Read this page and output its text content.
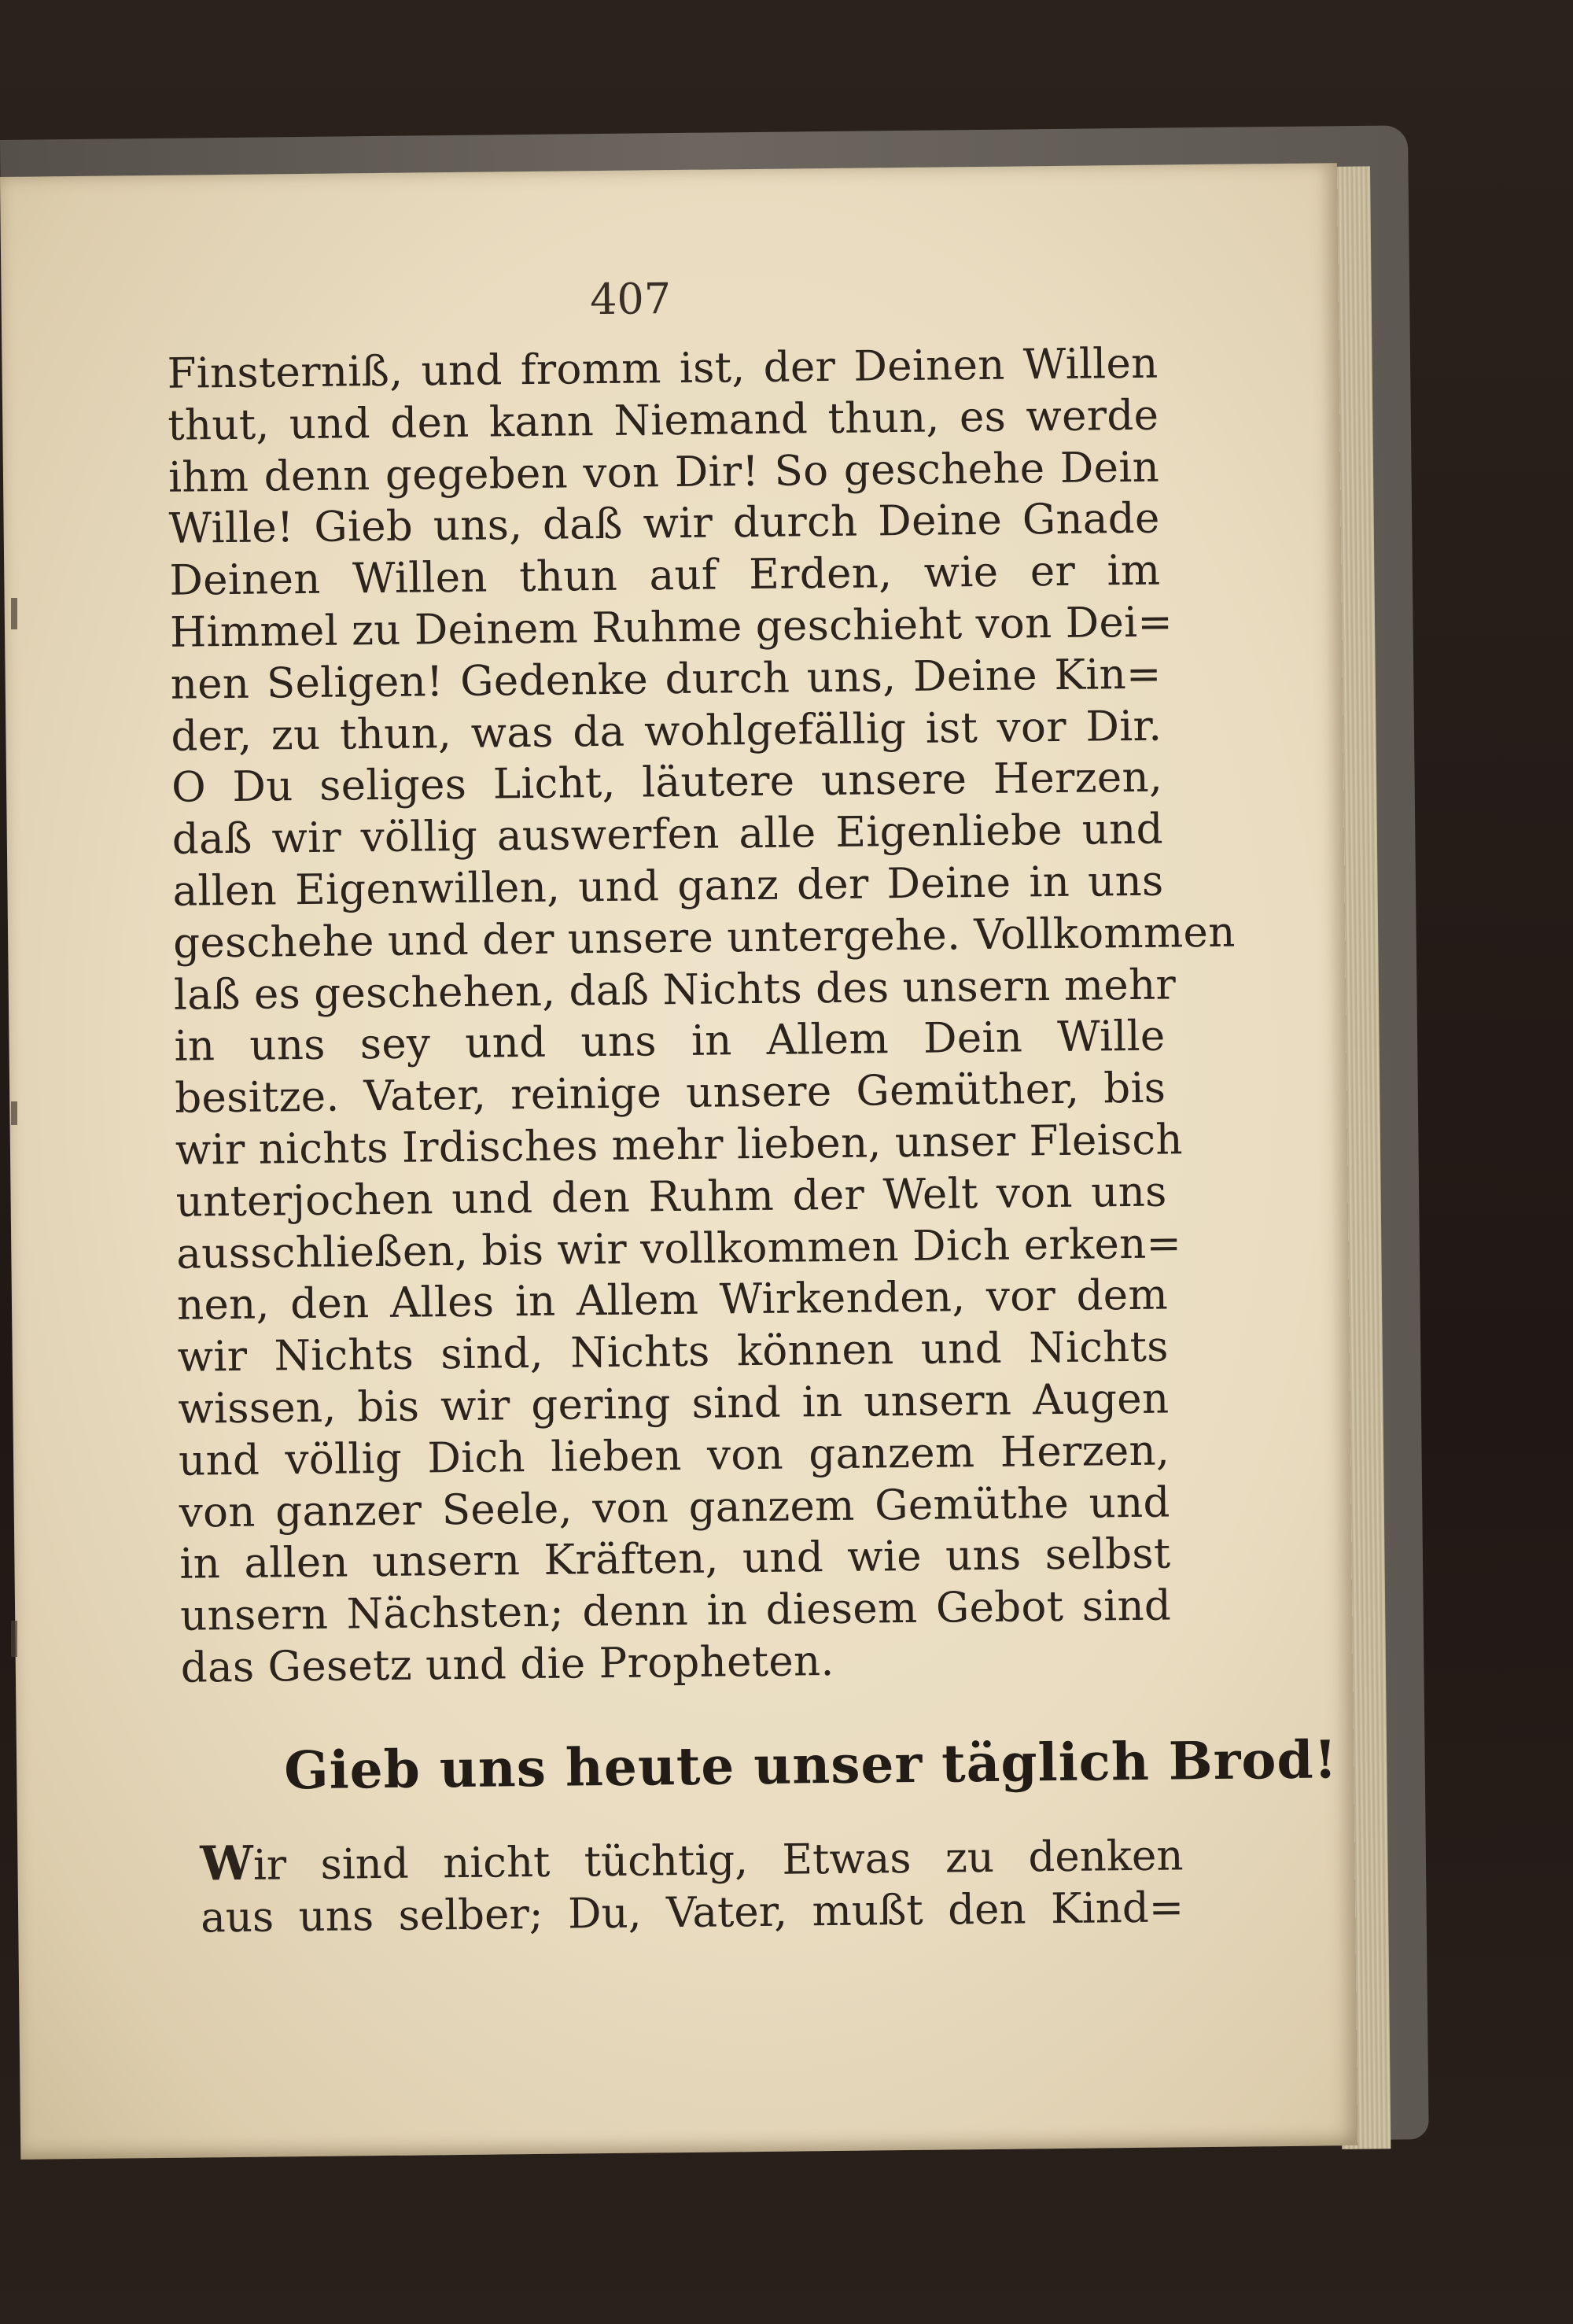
407
Finsterniß, und fromm ist, der Deinen Willen
thut, und den kann Niemand thun, es werde
ihm denn gegeben von Dir! So geschehe Dein
Wille! Gieb uns, daß wir durch Deine Gnade
Deinen Willen thun auf Erden, wie er im
Himmel zu Deinem Ruhme geschieht von Dei=
nen Seligen! Gedenke durch uns, Deine Kin=
der, zu thun, was da wohlgefällig ist vor Dir.
O Du seliges Licht, läutere unsere Herzen,
daß wir völlig auswerfen alle Eigenliebe und
allen Eigenwillen, und ganz der Deine in uns
geschehe und der unsere untergehe. Vollkommen
laß es geschehen, daß Nichts des unsern mehr
in uns sey und uns in Allem Dein Wille
besitze. Vater, reinige unsere Gemüther, bis
wir nichts Irdisches mehr lieben, unser Fleisch
unterjochen und den Ruhm der Welt von uns
ausschließen, bis wir vollkommen Dich erken=
nen, den Alles in Allem Wirkenden, vor dem
wir Nichts sind, Nichts können und Nichts
wissen, bis wir gering sind in unsern Augen
und völlig Dich lieben von ganzem Herzen,
von ganzer Seele, von ganzem Gemüthe und
in allen unsern Kräften, und wie uns selbst
unsern Nächsten; denn in diesem Gebot sind
das Gesetz und die Propheten.
Gieb uns heute unser täglich Brod!
Wir sind nicht tüchtig, Etwas zu denken
aus uns selber; Du, Vater, mußt den Kind=
